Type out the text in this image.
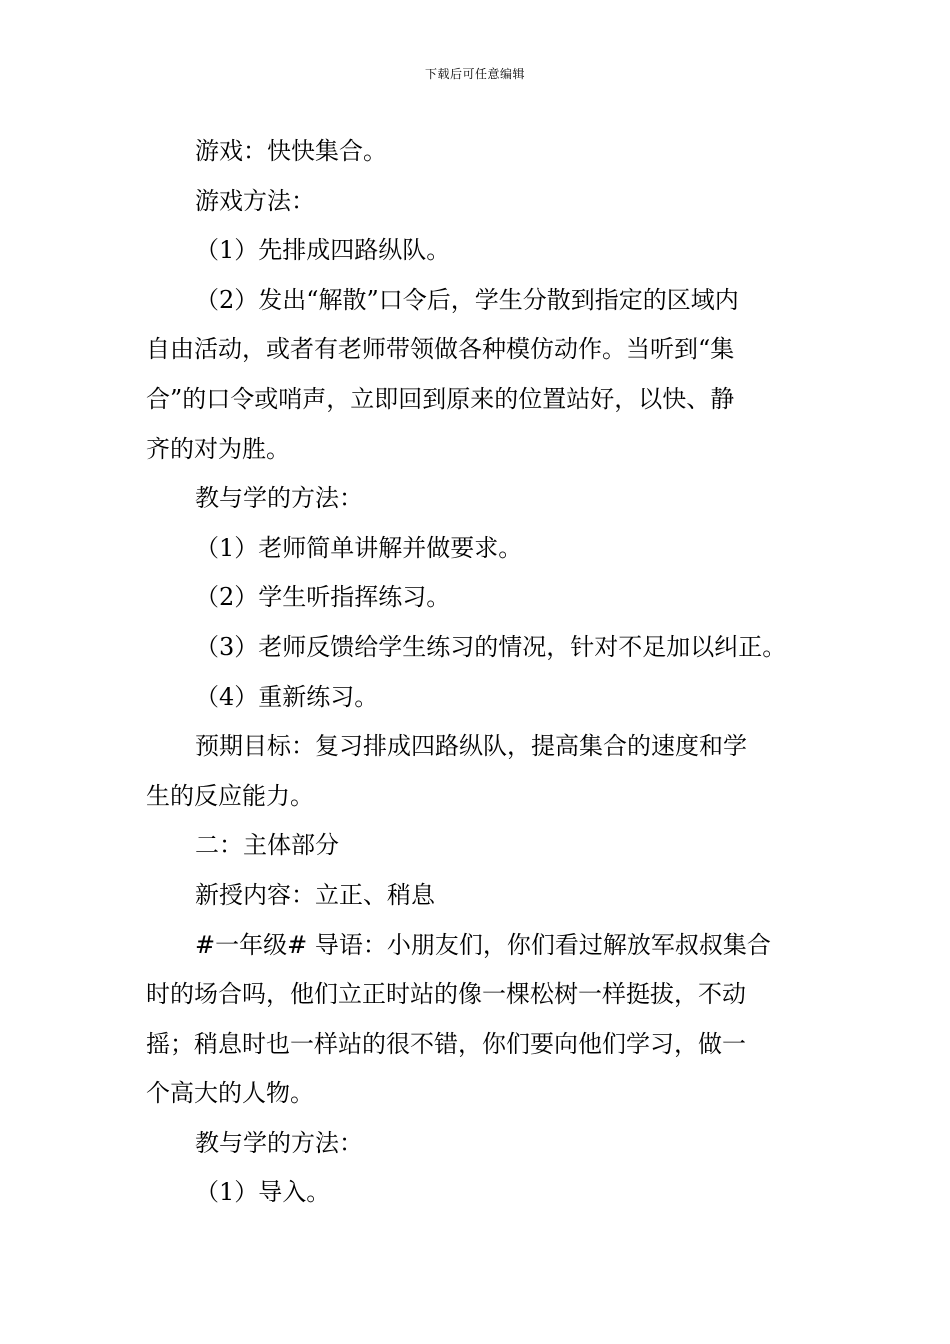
下载后可任意编辑

游戏：快快集合。

游戏方法：

（1）先排成四路纵队。

（2）发出“解散”口令后，学生分散到指定的区域内

自由活动，或者有老师带领做各种模仿动作。当听到“集

合”的口令或哨声，立即回到原来的位置站好，以快、静

齐的对为胜。

教与学的方法：

（1）老师简单讲解并做要求。

（2）学生听指挥练习。

（3）老师反馈给学生练习的情况，针对不足加以纠正。

（4）重新练习。

预期目标：复习排成四路纵队，提高集合的速度和学

生的反应能力。

二：主体部分

新授内容：立正、稍息

#一年级# 导语：小朋友们，你们看过解放军叔叔集合

时的场合吗，他们立正时站的像一棵松树一样挺拔，不动

摇；稍息时也一样站的很不错，你们要向他们学习，做一

个高大的人物。

教与学的方法：

（1）导入。
